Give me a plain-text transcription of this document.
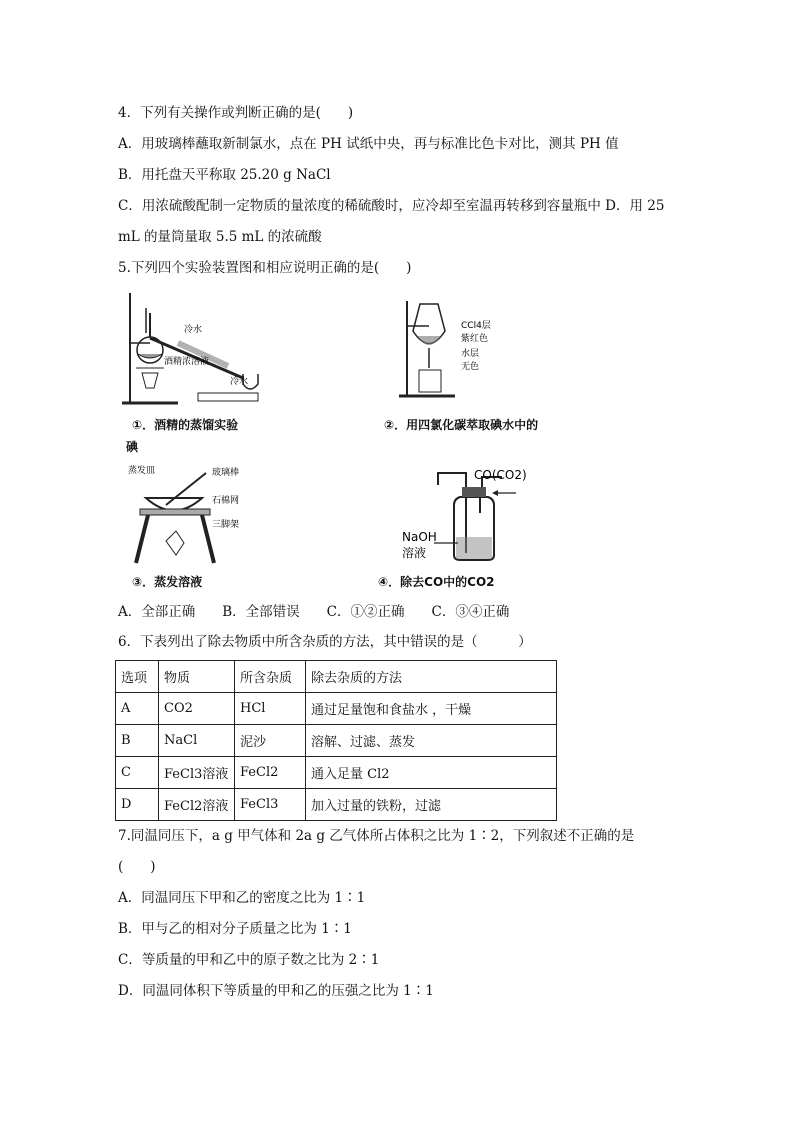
4．下列有关操作或判断正确的是(　　)
A．用玻璃棒蘸取新制氯水，点在 PH 试纸中央，再与标准比色卡对比，测其 PH 值
B．用托盘天平称取 25.20 g NaCl
C．用浓硫酸配制一定物质的量浓度的稀硫酸时，应冷却至室温再转移到容量瓶中 D．用 25
mL 的量筒量取 5.5 mL 的浓硫酸
5.下列四个实验装置图和相应说明正确的是(　　)
冷水
酒精浓溶液
冷水
①．酒精的蒸馏实验
CCl4层
紫红色
水层
无色
②．用四氯化碳萃取碘水中的
碘
蒸发皿	玻璃棒
石棉网
三脚架
③．蒸发溶液
CO(CO2)
NaOH
溶液
④．除去CO中的CO2
A．全部正确　　B．全部错误　　C．①②正确　　C．③④正确
6．下表列出了除去物质中所含杂质的方法，其中错误的是（　　　）
选项	物质	所含杂质	除去杂质的方法
A	CO2	HCl	通过足量饱和食盐水 ，干燥
B	NaCl	泥沙	溶解、过滤、蒸发
C	FeCl3溶液	FeCl2	通入足量 Cl2
D	FeCl2溶液	FeCl3	加入过量的铁粉，过滤
7.同温同压下，a g 甲气体和 2a g 乙气体所占体积之比为 1∶2，下列叙述不正确的是
(　　)
A．同温同压下甲和乙的密度之比为 1∶1
B．甲与乙的相对分子质量之比为 1∶1
C．等质量的甲和乙中的原子数之比为 2∶1
D．同温同体积下等质量的甲和乙的压强之比为 1∶1
